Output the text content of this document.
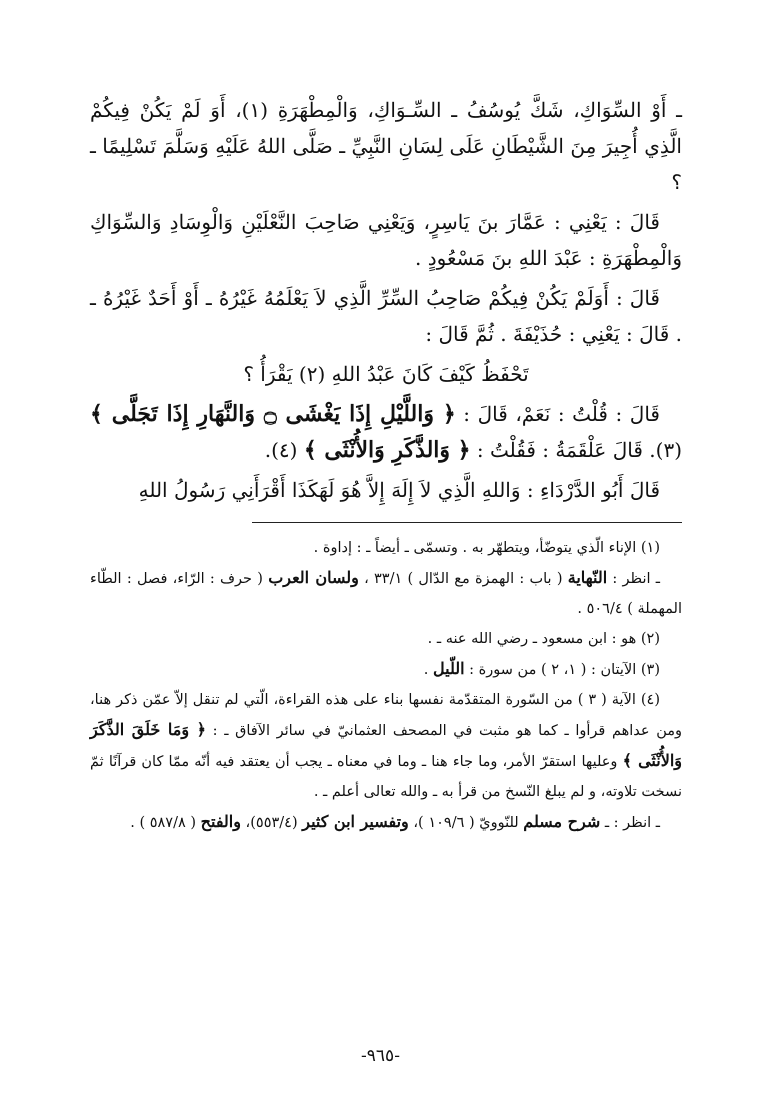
ـ أَوْ السِّوَاكِ، شَكَّ يُوسُفُ ـ السِّـوَاكِ، وَالْمِطْهَرَةِ (١)، أَوَ لَمْ يَكُنْ فِيكُمْ الَّذِي أُجِيرَ مِنَ الشَّيْطَانِ عَلَى لِسَانِ النَّبِيِّ ـ صَلَّى اللهُ عَلَيْهِ وَسَلَّمَ تَسْلِيمًا ـ ؟

قَالَ : يَعْنِي : عَمَّارَ بنَ يَاسِرٍ، وَيَعْنِي صَاحِبَ النَّعْلَيْنِ وَالْوِسَادِ وَالسِّوَاكِ وَالْمِطْهَرَةِ : عَبْدَ اللهِ بنَ مَسْعُودٍ .

قَالَ : أَوَلَمْ يَكُنْ فِيكُمْ صَاحِبُ السِّرِّ الَّذِي لاَ يَعْلَمُهُ غَيْرُهُ ـ أَوْ أَحَدٌ غَيْرُهُ ـ . قَالَ : يَعْنِي : حُذَيْفَةَ . ثُمَّ قَالَ :

تَحْفَظُ كَيْفَ كَانَ عَبْدُ اللهِ (٢) يَقْرَأُ ؟

قَالَ : قُلْتُ : نَعَمْ، قَالَ : ﴿ وَاللَّيْلِ إِذَا يَغْشَى ۝ وَالنَّهَارِ إِذَا تَجَلَّى ﴾ (٣). قَالَ عَلْقَمَةُ : فَقُلْتُ : ﴿ وَالذَّكَرِ وَالأُنْثَى ﴾ (٤).

قَالَ أَبُو الدَّرْدَاءِ : وَاللهِ الَّذِي لاَ إِلَهَ إِلاَّ هُوَ لَهَكَذَا أَقْرَأَنِي رَسُولُ اللهِ

(١) الإناء الّذي يتوضّأ، ويتطهّر به . وتسمّى ـ أيضاً ـ : إداوة .

ـ انظر : النّهاية ( باب : الهمزة مع الدّال ) ٣٣/١ ، ولسان العرب ( حرف : الرّاء، فصل : الطّاء المهملة ) ٥٠٦/٤ .

(٢) هو : ابن مسعود ـ رضي الله عنه ـ .

(٣) الآيتان : ( ١، ٢ ) من سورة : اللّيل .

(٤) الآية ( ٣ ) من السّورة المتقدّمة نفسها بناء على هذه القراءة، الّتي لم تنقل إلاّ عمّن ذكر هنا، ومن عداهم قرأوا ـ كما هو مثبت في المصحف العثمانيّ في سائر الآفاق ـ : ﴿ وَمَا خَلَقَ الذَّكَرَ وَالأُنْثَى ﴾ وعليها استقرّ الأمر، وما جاء هنا ـ وما في معناه ـ يجب أن يعتقد فيه أنّه ممّا كان قرآنًا ثمّ نسخت تلاوته، و لم يبلغ النّسخ من قرأ به ـ والله تعالى أعلم ـ .

ـ انظر : ـ شرح مسلم للنّوويّ ( ١٠٩/٦ )، وتفسير ابن كثير (٥٥٣/٤)، والفتح ( ٥٨٧/٨ ) .

-٩٦٥-
